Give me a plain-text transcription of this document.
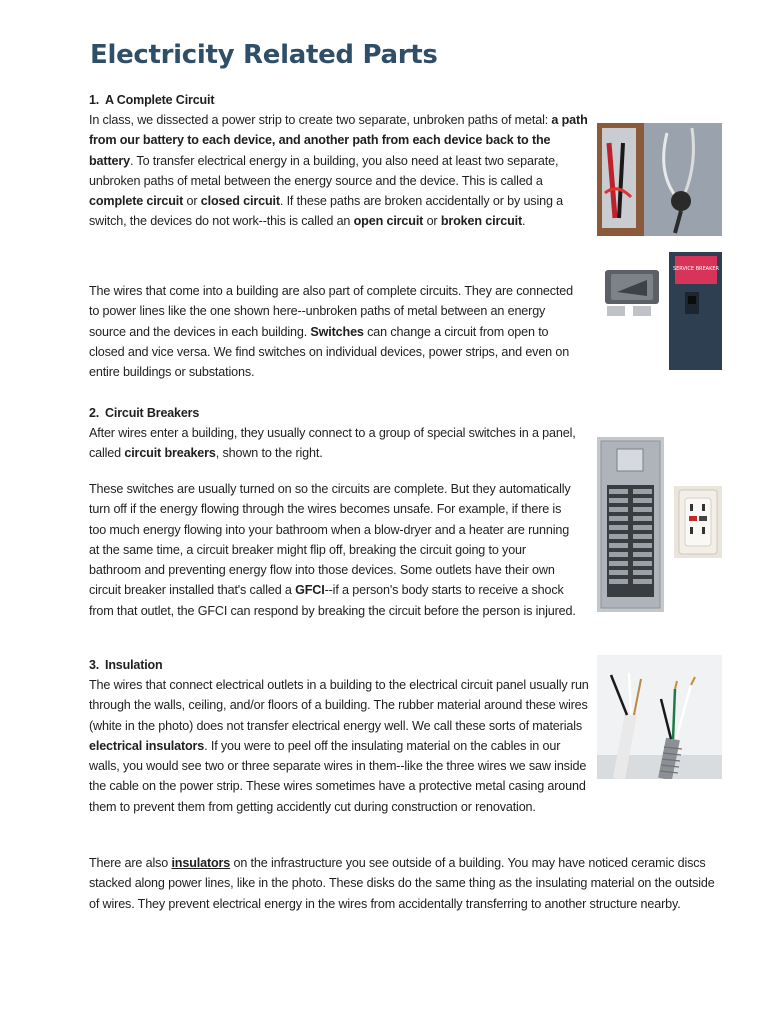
Electricity Related Parts

1. A Complete Circuit

In class, we dissected a power strip to create two separate, unbroken paths of metal: a path from our battery to each device, and another path from each device back to the battery. To transfer electrical energy in a building, you also need at least two separate, unbroken paths of metal between the energy source and the device. This is called a complete circuit or closed circuit. If these paths are broken accidentally or by using a switch, the devices do not work--this is called an open circuit or broken circuit.

The wires that come into a building are also part of complete circuits. They are connected to power lines like the one shown here--unbroken paths of metal between an energy source and the devices in each building. Switches can change a circuit from open to closed and vice versa. We find switches on individual devices, power strips, and even on entire buildings or substations.

2. Circuit Breakers

After wires enter a building, they usually connect to a group of special switches in a panel, called circuit breakers, shown to the right.

These switches are usually turned on so the circuits are complete. But they automatically turn off if the energy flowing through the wires becomes unsafe. For example, if there is too much energy flowing into your bathroom when a blow-dryer and a heater are running at the same time, a circuit breaker might flip off, breaking the circuit going to your bathroom and preventing energy flow into those devices. Some outlets have their own circuit breaker installed that's called a GFCI--if a person's body starts to receive a shock from that outlet, the GFCI can respond by breaking the circuit before the person is injured.

3. Insulation

The wires that connect electrical outlets in a building to the electrical circuit panel usually run through the walls, ceiling, and/or floors of a building. The rubber material around these wires (white in the photo) does not transfer electrical energy well. We call these sorts of materials electrical insulators. If you were to peel off the insulating material on the cables in our walls, you would see two or three separate wires in them--like the three wires we saw inside the cable on the power strip. These wires sometimes have a protective metal casing around them to prevent them from getting accidently cut during construction or renovation.

There are also insulators on the infrastructure you see outside of a building. You may have noticed ceramic discs stacked along power lines, like in the photo. These disks do the same thing as the insulating material on the outside of wires. They prevent electrical energy in the wires from accidentally transferring to another structure nearby.

SERVICE BREAKER
